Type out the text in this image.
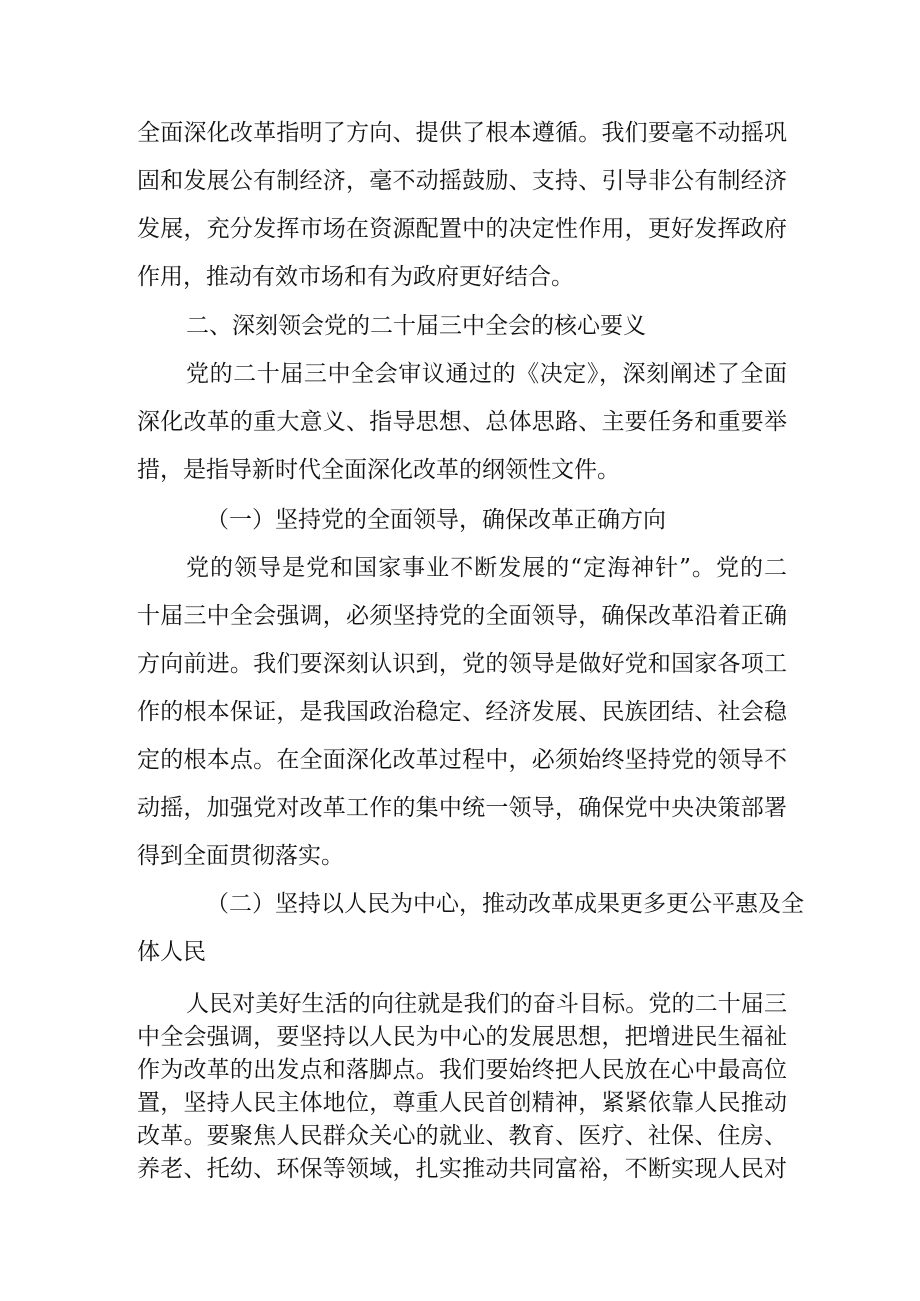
全面深化改革指明了方向、提供了根本遵循。我们要毫不动摇巩
固和发展公有制经济，毫不动摇鼓励、支持、引导非公有制经济
发展，充分发挥市场在资源配置中的决定性作用，更好发挥政府
作用，推动有效市场和有为政府更好结合。
二、深刻领会党的二十届三中全会的核心要义
党的二十届三中全会审议通过的《决定》，深刻阐述了全面
深化改革的重大意义、指导思想、总体思路、主要任务和重要举
措，是指导新时代全面深化改革的纲领性文件。
（一）坚持党的全面领导，确保改革正确方向
党的领导是党和国家事业不断发展的“定海神针”。党的二
十届三中全会强调，必须坚持党的全面领导，确保改革沿着正确
方向前进。我们要深刻认识到，党的领导是做好党和国家各项工
作的根本保证，是我国政治稳定、经济发展、民族团结、社会稳
定的根本点。在全面深化改革过程中，必须始终坚持党的领导不
动摇，加强党对改革工作的集中统一领导，确保党中央决策部署
得到全面贯彻落实。
（二）坚持以人民为中心，推动改革成果更多更公平惠及全
体人民
人民对美好生活的向往就是我们的奋斗目标。党的二十届三
中全会强调，要坚持以人民为中心的发展思想，把增进民生福祉
作为改革的出发点和落脚点。我们要始终把人民放在心中最高位
置，坚持人民主体地位，尊重人民首创精神，紧紧依靠人民推动
改革。要聚焦人民群众关心的就业、教育、医疗、社保、住房、
养老、托幼、环保等领域，扎实推动共同富裕，不断实现人民对
